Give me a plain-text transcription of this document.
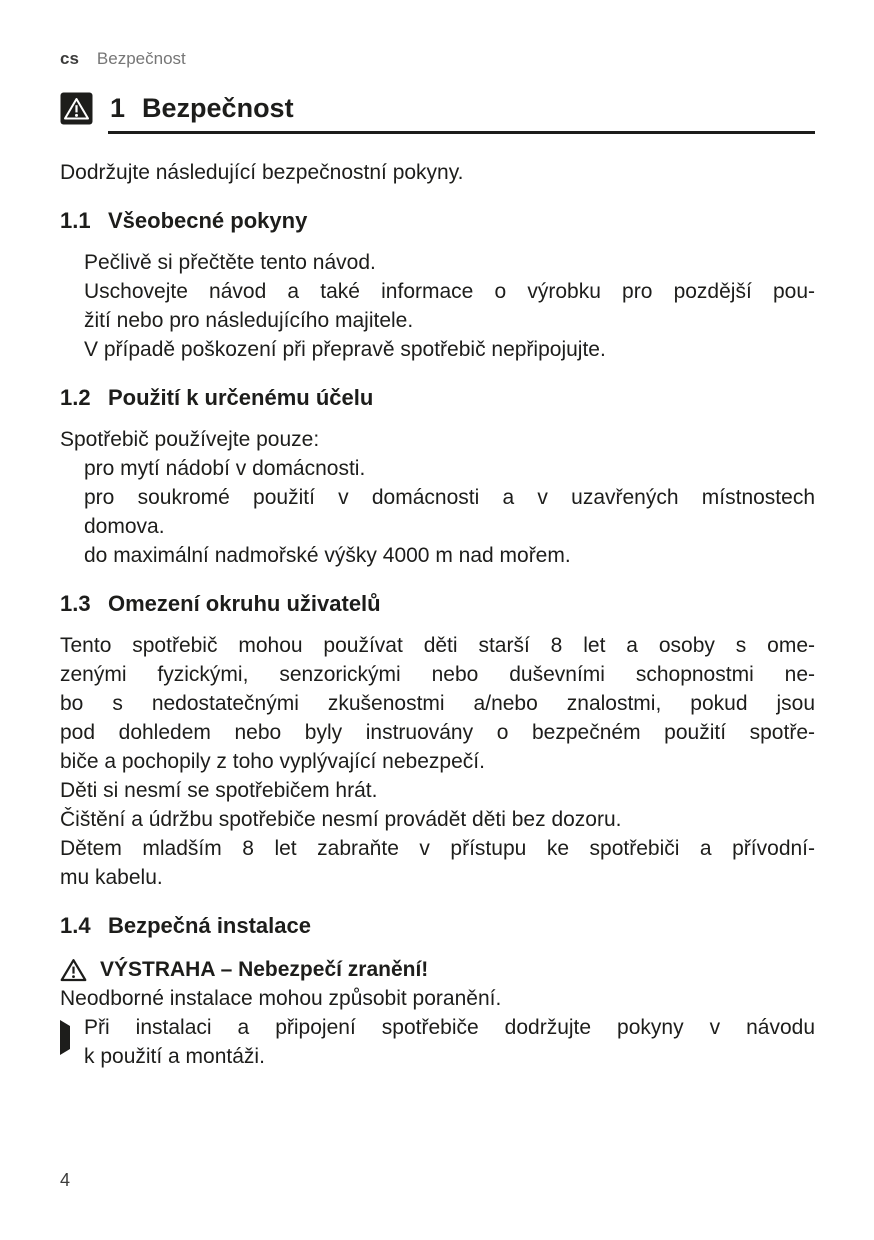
cs Bezpečnost
1 Bezpečnost

Dodržujte následující bezpečnostní pokyny.

1.1 Všeobecné pokyny
Pečlivě si přečtěte tento návod.
Uschovejte návod a také informace o výrobku pro pozdější pou-
žití nebo pro následujícího majitele.
V případě poškození při přepravě spotřebič nepřipojujte.
1.2 Použití k určenému účelu

Spotřebič používejte pouze:

pro mytí nádobí v domácnosti.
pro soukromé použití v domácnosti a v uzavřených místnostech
domova.
do maximální nadmořské výšky 4000 m nad mořem.
1.3 Omezení okruhu uživatelů
Tento spotřebič mohou používat děti starší 8 let a osoby s ome-
zenými fyzickými, senzorickými nebo duševními schopnostmi ne-
bo s nedostatečnými zkušenostmi a/nebo znalostmi, pokud jsou
pod dohledem nebo byly instruovány o bezpečném použití spotře-
biče a pochopily z toho vyplývající nebezpečí.
Děti si nesmí se spotřebičem hrát.
Čištění a údržbu spotřebiče nesmí provádět děti bez dozoru.
Dětem mladším 8 let zabraňte v přístupu ke spotřebiči a přívodní-
mu kabelu.
1.4 Bezpečná instalace
VÝSTRAHA – Nebezpečí zranění!
Neodborné instalace mohou způsobit poranění.
Při instalaci a připojení spotřebiče dodržujte pokyny v návodu
k použití a montáži.
4
